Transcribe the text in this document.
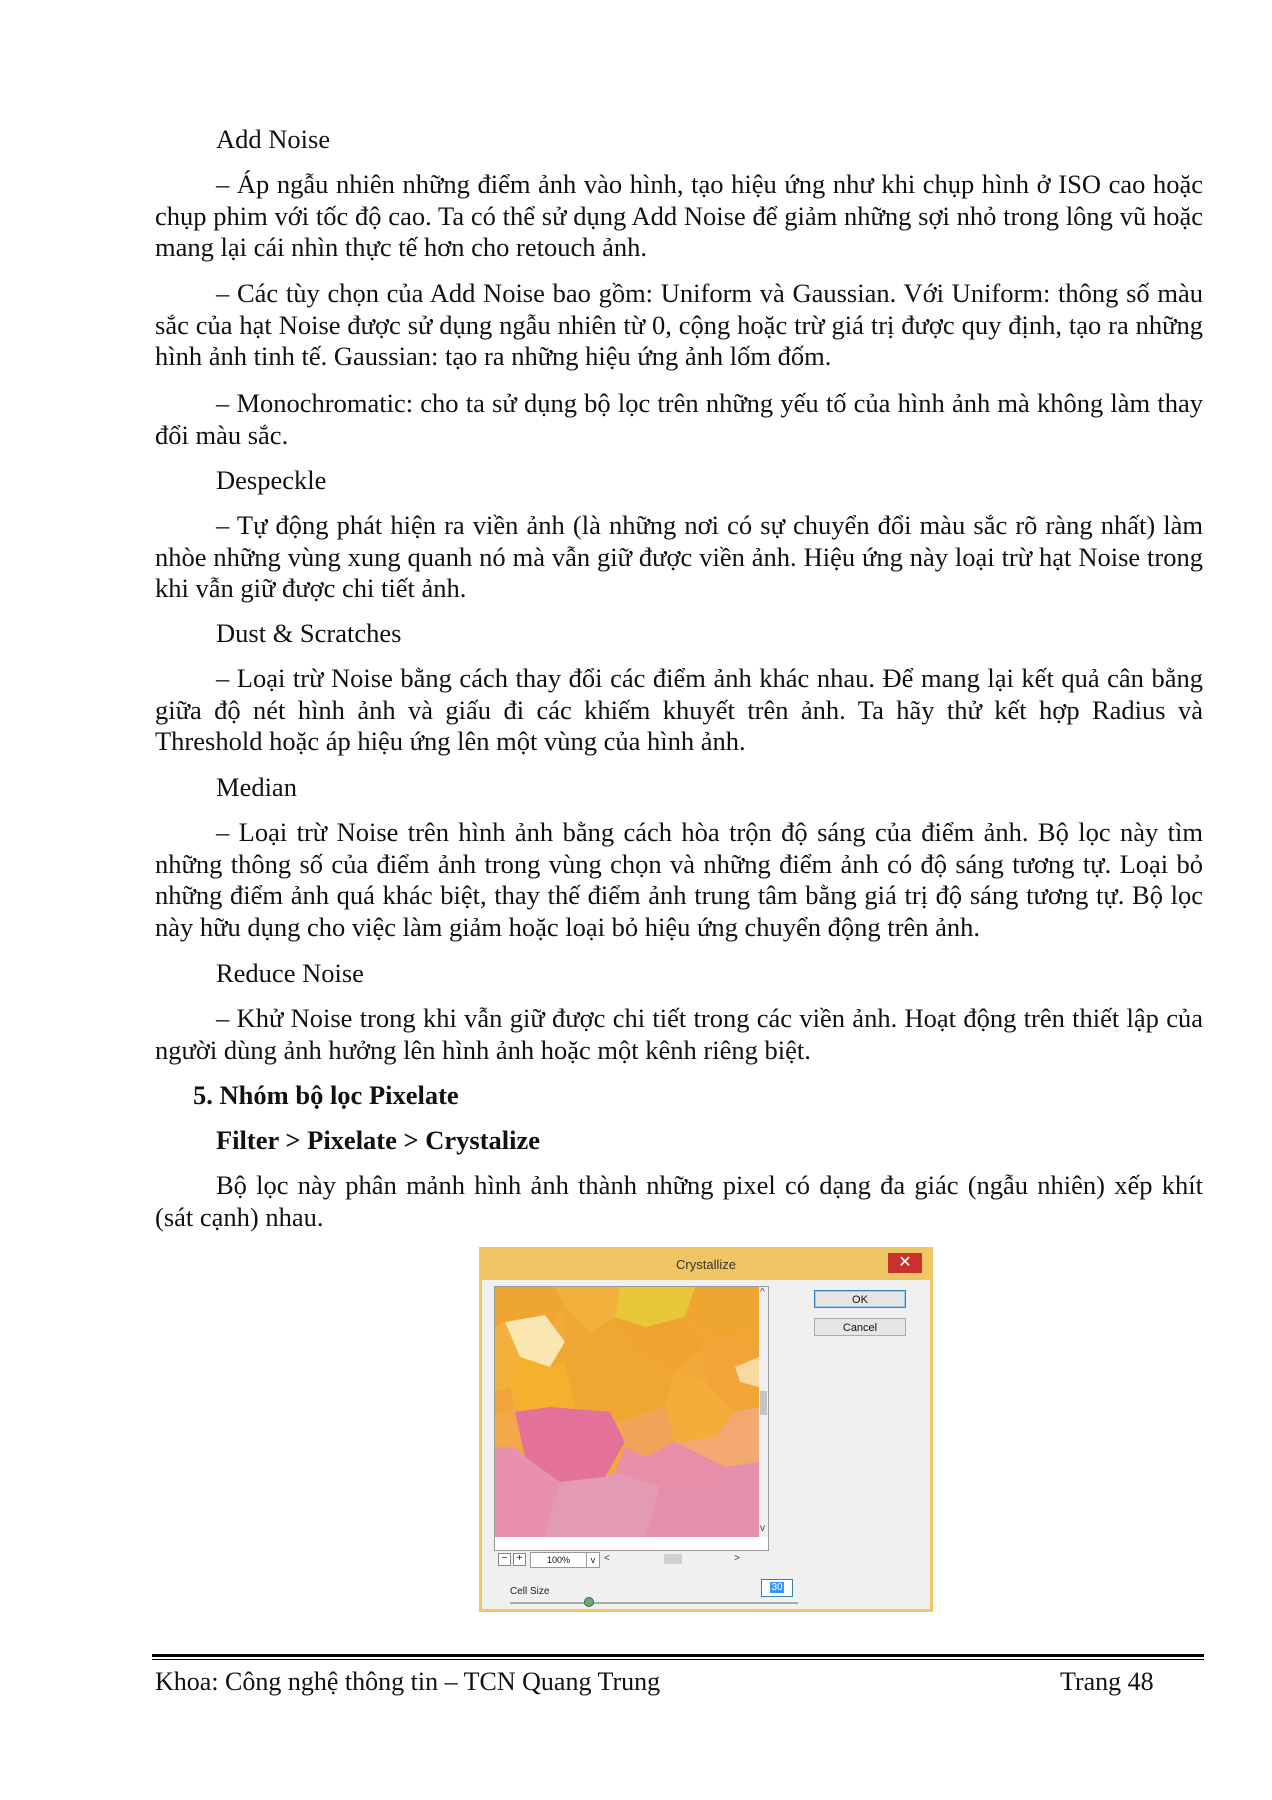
Add Noise

– Áp ngẫu nhiên những điểm ảnh vào hình, tạo hiệu ứng như khi chụp hình ở ISO cao hoặc chụp phim với tốc độ cao. Ta có thể sử dụng Add Noise để giảm những sợi nhỏ trong lông vũ hoặc mang lại cái nhìn thực tế hơn cho retouch ảnh.

– Các tùy chọn của Add Noise bao gồm: Uniform và Gaussian. Với Uniform: thông số màu sắc của hạt Noise được sử dụng ngẫu nhiên từ 0, cộng hoặc trừ giá trị được quy định, tạo ra những hình ảnh tinh tế. Gaussian: tạo ra những hiệu ứng ảnh lốm đốm.

– Monochromatic: cho ta sử dụng bộ lọc trên những yếu tố của hình ảnh mà không làm thay đổi màu sắc.

Despeckle

– Tự động phát hiện ra viền ảnh (là những nơi có sự chuyển đổi màu sắc rõ ràng nhất) làm nhòe những vùng xung quanh nó mà vẫn giữ được viền ảnh. Hiệu ứng này loại trừ hạt Noise trong khi vẫn giữ được chi tiết ảnh.

Dust & Scratches

– Loại trừ Noise bằng cách thay đổi các điểm ảnh khác nhau. Để mang lại kết quả cân bằng giữa độ nét hình ảnh và giấu đi các khiếm khuyết trên ảnh. Ta hãy thử kết hợp Radius và Threshold hoặc áp hiệu ứng lên một vùng của hình ảnh.

Median

– Loại trừ Noise trên hình ảnh bằng cách hòa trộn độ sáng của điểm ảnh. Bộ lọc này tìm những thông số của điểm ảnh trong vùng chọn và những điểm ảnh có độ sáng tương tự. Loại bỏ những điểm ảnh quá khác biệt, thay thế điểm ảnh trung tâm bằng giá trị độ sáng tương tự. Bộ lọc này hữu dụng cho việc làm giảm hoặc loại bỏ hiệu ứng chuyển động trên ảnh.

Reduce Noise

– Khử Noise trong khi vẫn giữ được chi tiết trong các viền ảnh. Hoạt động trên thiết lập của người dùng ảnh hưởng lên hình ảnh hoặc một kênh riêng biệt.

5. Nhóm bộ lọc Pixelate

Filter > Pixelate > Crystalize

Bộ lọc này phân mảnh hình ảnh thành những pixel có dạng đa giác (ngẫu nhiên) xếp khít (sát cạnh) nhau.

Crystallize	✕
^
v
OK
Cancel
− +	100%	v <	>
Cell Size	30
Khoa: Công nghệ thông tin – TCN Quang Trung	Trang 48
